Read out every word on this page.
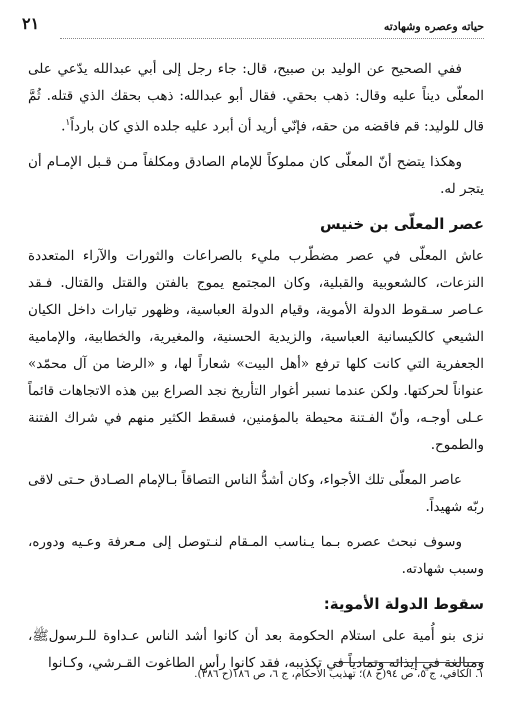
٢١	حياته وعصره وشهادته

ففي الصحيح عن الوليد بن صبيح، قال: جاء رجل إلى أبي عبدالله يدّعي على المعلّى ديناً عليه وقال: ذهب بحقي. فقال أبو عبدالله: ذهب بحقك الذي قتله. ثُمَّ قال للوليد: قم فاقضه من حقه، فإنّي أريد أن أبرد عليه جلده الذي كان بارداً$^١$.

وهكذا يتضح أنّ المعلّى كان مملوكاً للإمام الصادق ومكلفاً مـن قـبل الإمـام أن يتجر له.

عصر المعلّى بن خنيس

عاش المعلّى في عصر مضطّرب مليء بالصراعات والثورات والآراء المتعددة النزعات، كالشعوبية والقبلية، وكان المجتمع يموج بالفتن والقتل والقتال. فـقد عـاصر سـقوط الدولة الأموية، وقيام الدولة العباسية، وظهور تيارات داخل الكيان الشيعي كالكيسانية العباسية، والزيدية الحسنية، والمغيرية، والخطابية، والإمامية الجعفرية التي كانت كلها ترفع «أهل البيت» شعاراً لها، و «الرضا من آل محمّد» عنواناً لحركتها. ولكن عندما نسبر أغوار التأريخ نجد الصراع بين هذه الاتجاهات قائماً عـلى أوجـه، وأنّ الفـتنة محيطة بالمؤمنين، فسقط الكثير منهم في شراك الفتنة والطموح.

عاصر المعلّى تلك الأجواء، وكان أشدُّ الناس التصاقاً بـالإمام الصـادق حـتى لاقى ربّه شهيداً.

وسوف نبحث عصره بـما يـناسب المـقام لنـتوصل إلى مـعرفة وعـيه ودوره، وسبب شهادته.

سقوط الدولة الأموية:

نزى بنو أُمية على استلام الحكومة بعد أن كانوا أشد الناس عـداوة للـرسولﷺ، ومبالغة في إيذائه وتمادياً في تكذيبه، فقد كانوا رأس الطاغوت القـرشي، وكـانوا

١. الكافي، ج ٥، ص ٩٤(ح ٨)؛ تهذيب الأحكام، ج ٦، ص ١٨٦(ح ٣٨٦).
